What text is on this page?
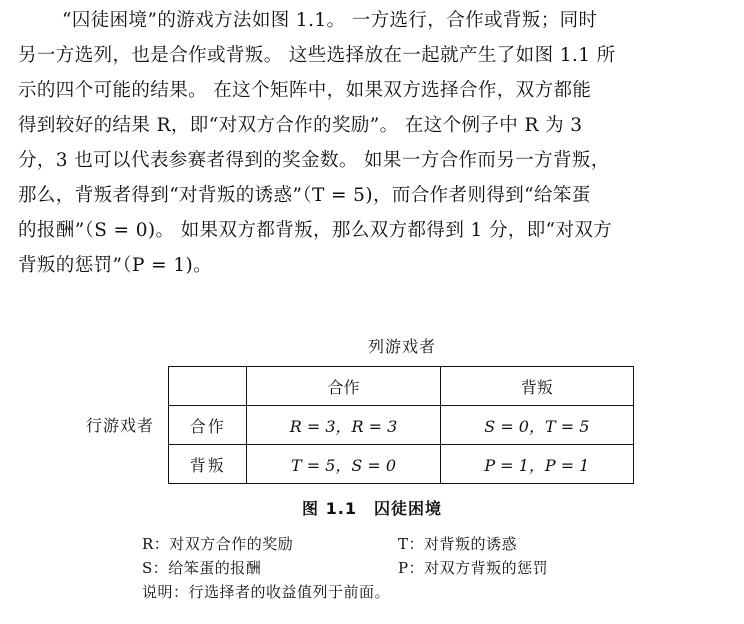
“囚徒困境”的游戏方法如图 1.1。 一方选行，合作或背叛；同时
另一方选列，也是合作或背叛。 这些选择放在一起就产生了如图 1.1 所
示的四个可能的结果。 在这个矩阵中，如果双方选择合作，双方都能
得到较好的结果 R，即“对双方合作的奖励”。 在这个例子中 R 为 3
分，3 也可以代表参赛者得到的奖金数。 如果一方合作而另一方背叛，
那么，背叛者得到“对背叛的诱惑”（T = 5)，而合作者则得到“给笨蛋
的报酬”（S = 0)。 如果双方都背叛，那么双方都得到 1 分，即“对双方
背叛的惩罚”（P = 1)。
列游戏者
行游戏者
	合作	背叛
合作	R = 3，R = 3	S = 0，T = 5
背叛	T = 5，S = 0	P = 1，P = 1
图 1.1　囚徒困境
R：对双方合作的奖励	T：对背叛的诱惑
S：给笨蛋的报酬	P：对双方背叛的惩罚
说明：行选择者的收益值列于前面。
